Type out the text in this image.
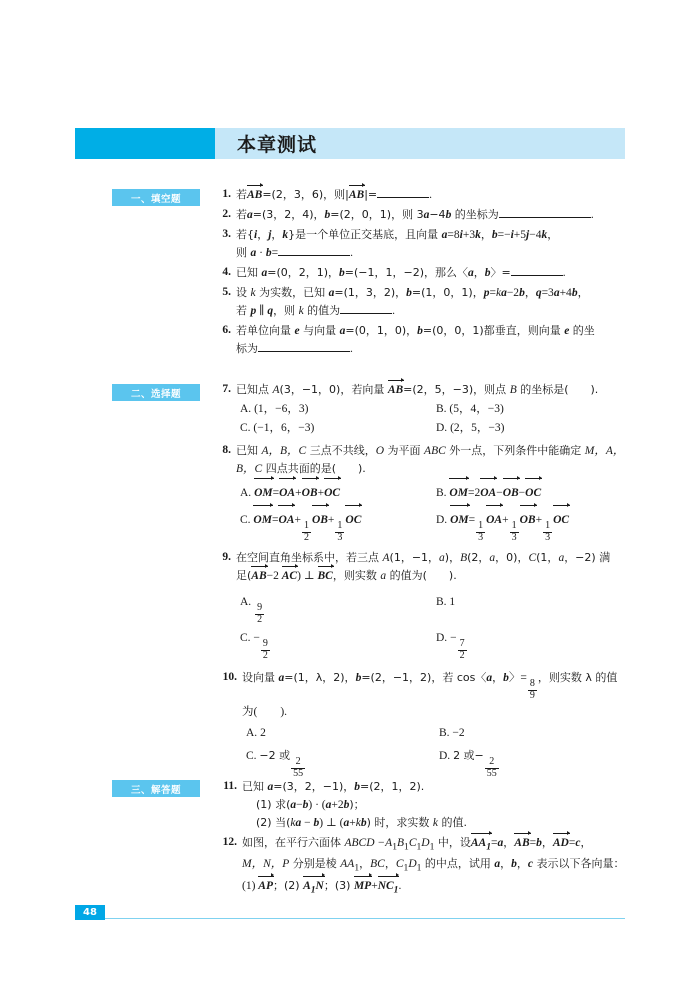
本章测试
一、填空题
二、选择题
三、解答题
1. 若AB=(2，3，6)，则|AB|=	.
2. 若a=(3，2，4)，b=(2，0，1)，则 3a−4b 的坐标为	.
3. 若{i，j，k}是一个单位正交基底，且向量 a=8i+3k，b=−i+5j−4k，
则 a · b=	.
4. 已知 a=(0，2，1)，b=(−1，1，−2)，那么〈a，b〉=	.
5. 设 k 为实数，已知 a=(1，3，2)，b=(1，0，1)，p=ka−2b，q=3a+4b，
若 p ∥ q，则 k 的值为	.
6. 若单位向量 e 与向量 a=(0，1，0)，b=(0，0，1)都垂直，则向量 e 的坐
标为	.
7. 已知点 A(3，−1，0)，若向量 AB=(2，5，−3)，则点 B 的坐标是(　　).
A. (1，−6，3)	B. (5，4，−3)
C. (−1，6，−3)	D. (2，5，−3)
8. 已知 A，B，C 三点不共线，O 为平面 ABC 外一点，下列条件中能确定 M，A，
B，C 四点共面的是(　　).
A. OM=OA+OB+OC	B. OM=2OA−OB−OC
C. OM=OA+
$\frac{1}{2}$
OB+
$\frac{1}{3}$
OC	D. OM=
$\frac{1}{3}$
OA+
$\frac{1}{3}$
OB+
$\frac{1}{3}$
OC
9. 在空间直角坐标系中，若三点 A(1，−1，a)，B(2，a，0)，C(1，a，−2) 满
足(AB−2 AC) ⊥ BC，则实数 a 的值为(　　).
A.
$\frac{9}{2}$
B. 1
C. −
$\frac{9}{2}$
D. −
$\frac{7}{2}$
10. 设向量 a=(1，λ，2)，b=(2，−1，2)，若 cos〈a，b〉=
$\frac{8}{9}$
，则实数 λ 的值
为(　　).
A. 2	B. −2
C. −2 或
$\frac{2}{55}$
D. 2 或−
$\frac{2}{55}$
11. 已知 a=(3，2，−1)，b=(2，1，2).
(1) 求(a−b) · (a+2b)；
(2) 当(ka − b) ⊥ (a+kb) 时，求实数 k 的值.
12. 如图，在平行六面体 ABCD $-A_1B_1C_1D_1$ 中，设$AA_1=a$，AB=b，AD=c，
M，N，P 分别是棱 $AA_1$，BC，$C_1D_1$ 的中点，试用 a，b，c 表示以下各向量：
(1) AP；(2) $A_1N$；(3) $MP+NC_1$.
48
